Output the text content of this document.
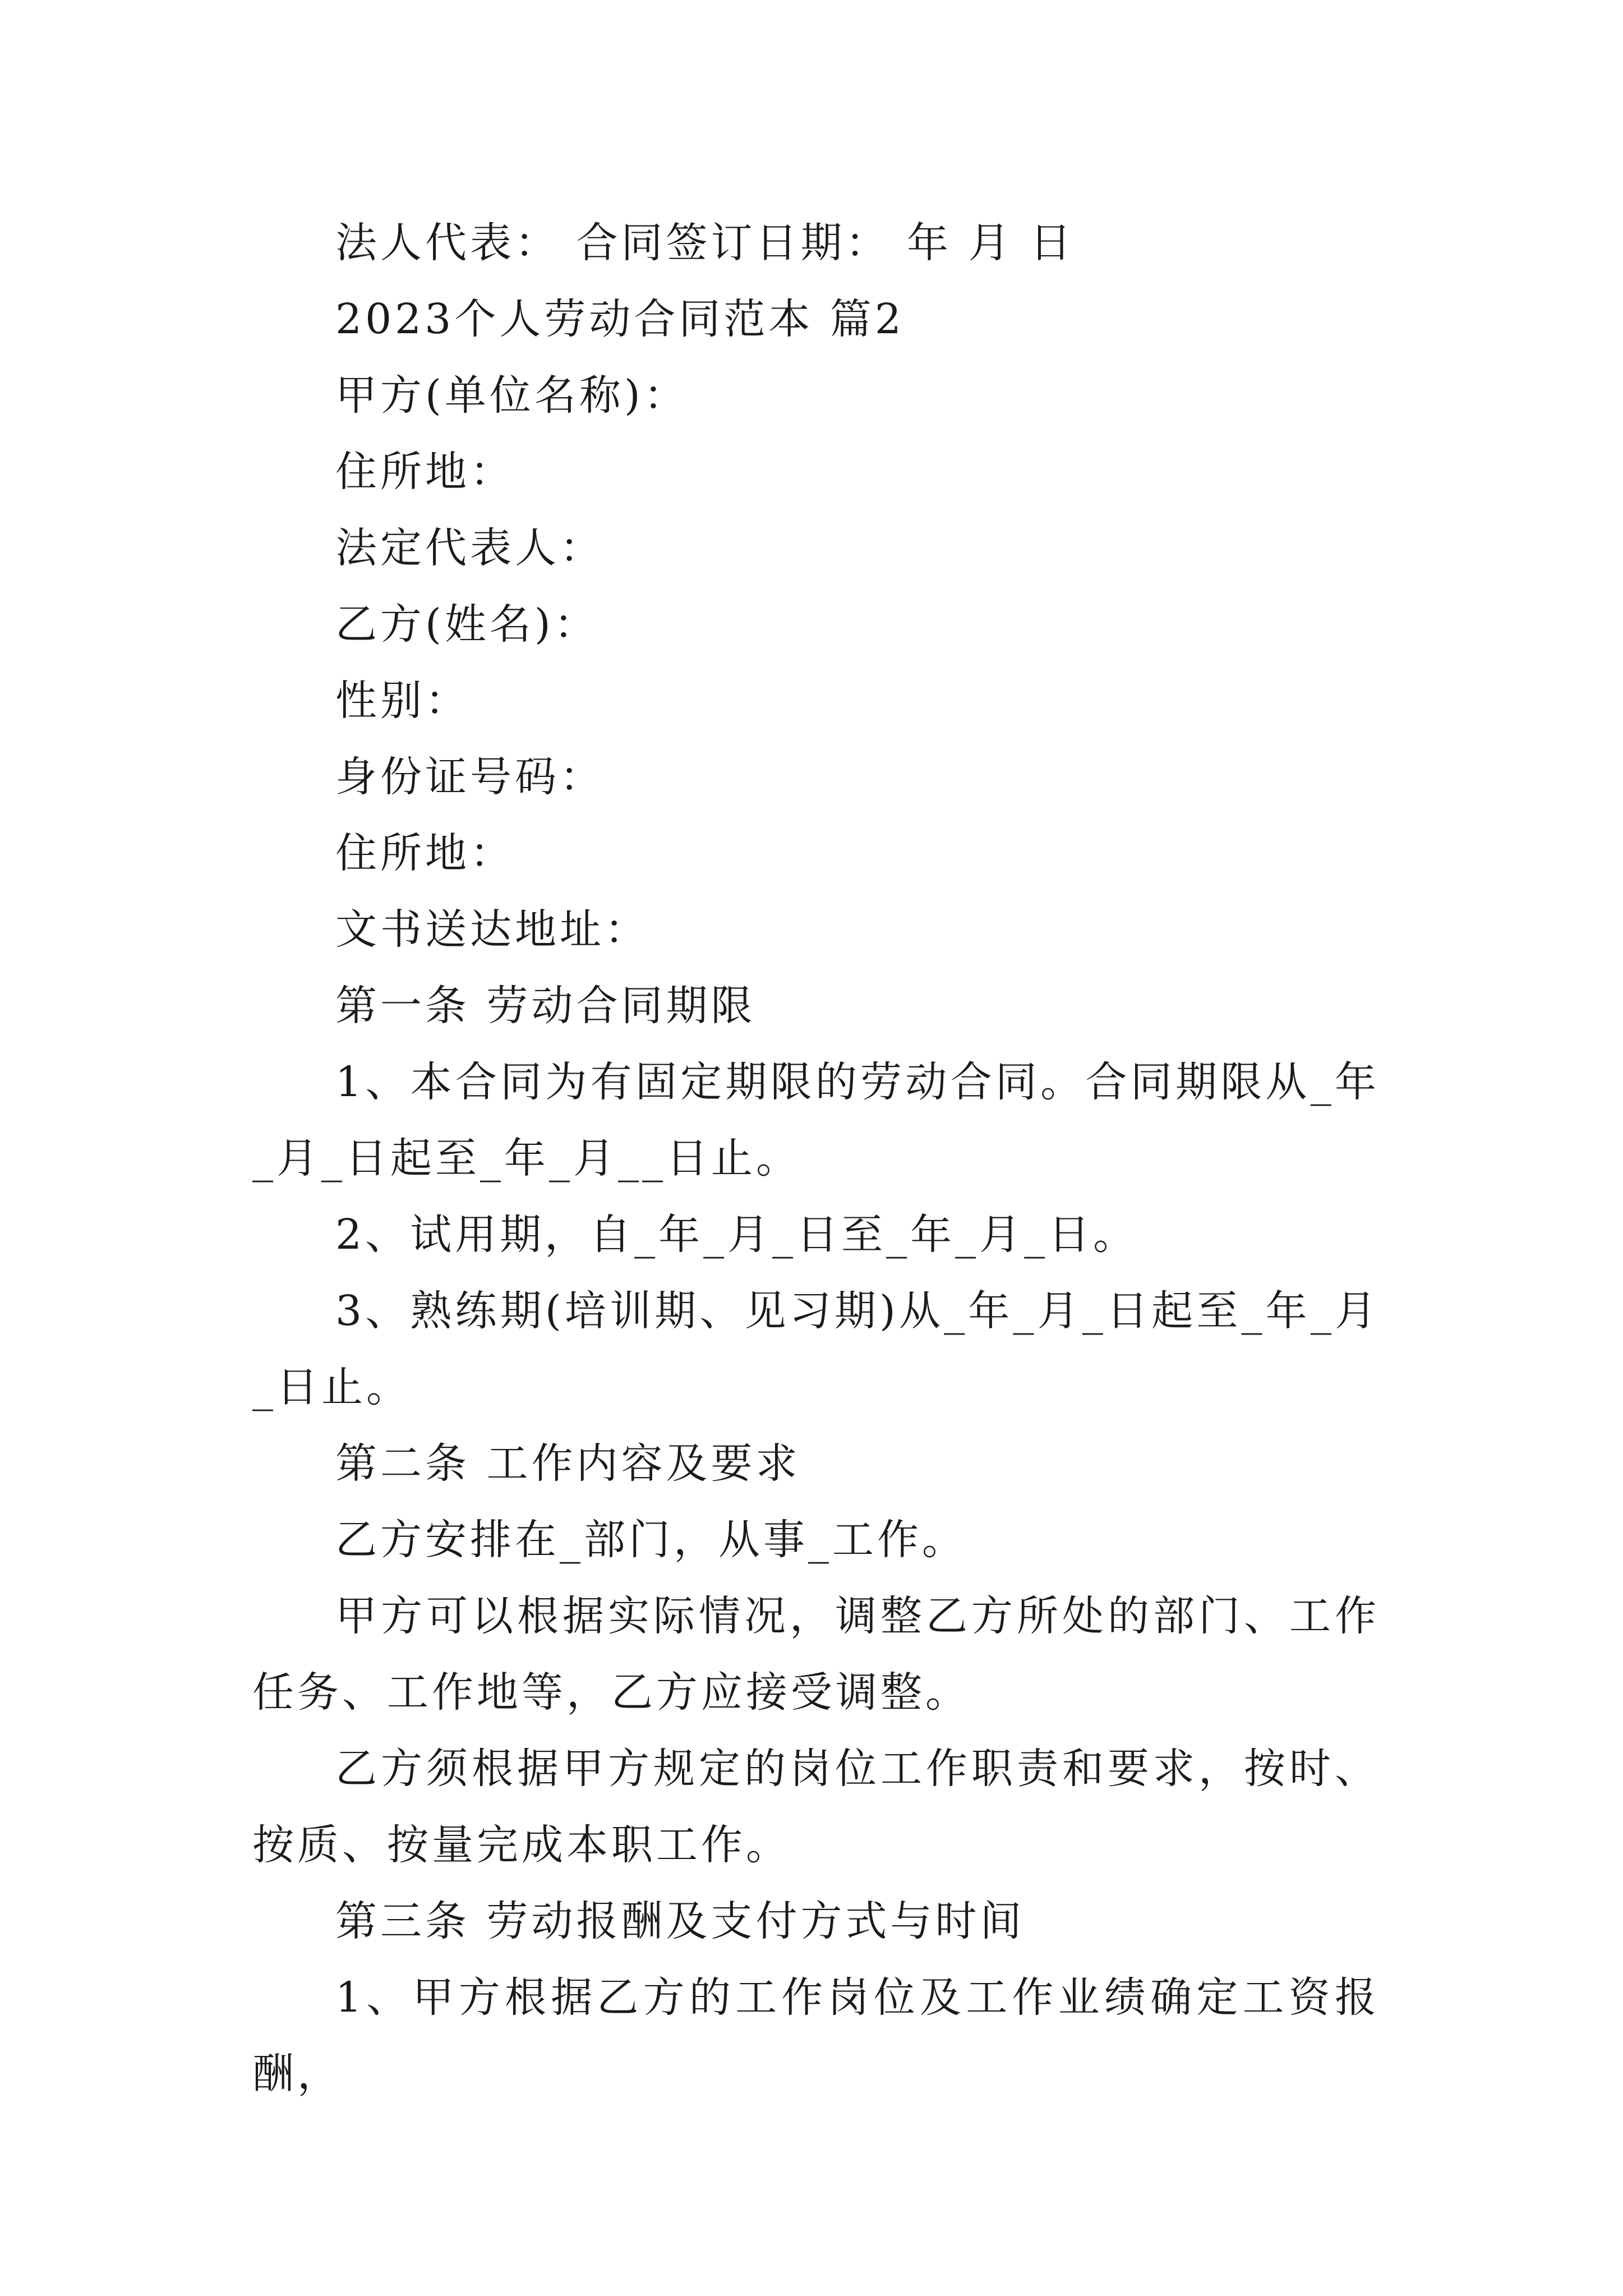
法人代表： 合同签订日期： 年 月 日

2023个人劳动合同范本 篇2

甲方(单位名称)：

住所地：

法定代表人：

乙方(姓名)：

性别：

身份证号码：

住所地：

文书送达地址：

第一条 劳动合同期限

1、本合同为有固定期限的劳动合同。合同期限从_年_月_日起至_年_月__日止。

2、试用期，自_年_月_日至_年_月_日。

3、熟练期(培训期、见习期)从_年_月_日起至_年_月_日止。

第二条 工作内容及要求

乙方安排在_部门，从事_工作。

甲方可以根据实际情况，调整乙方所处的部门、工作任务、工作地等，乙方应接受调整。

乙方须根据甲方规定的岗位工作职责和要求，按时、按质、按量完成本职工作。

第三条 劳动报酬及支付方式与时间

1、甲方根据乙方的工作岗位及工作业绩确定工资报酬，
